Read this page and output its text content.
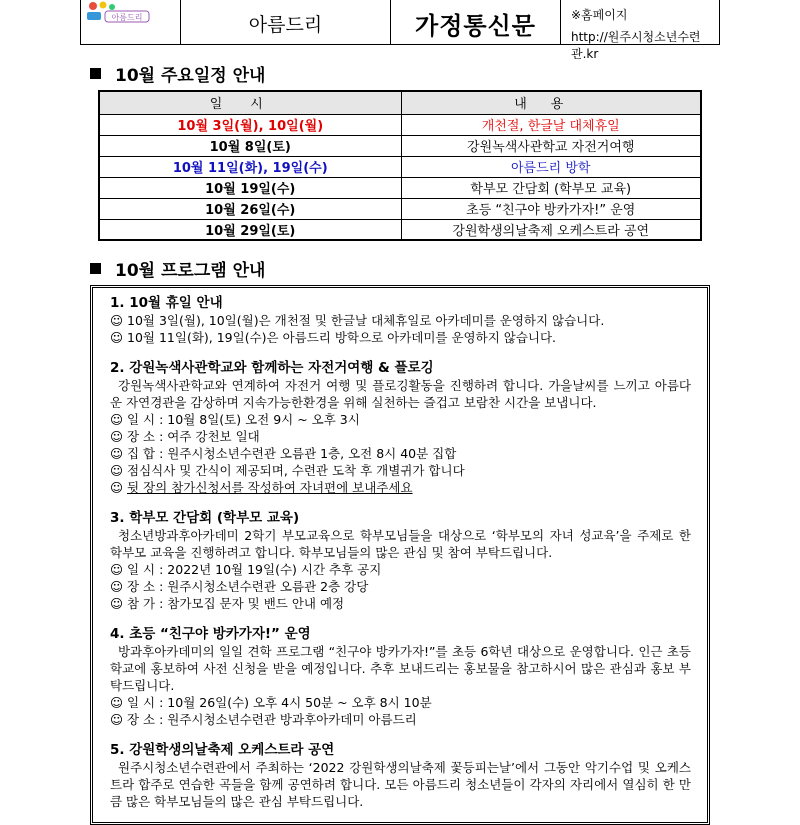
아름드리	아름드리	가정통신문	※홈페이지
http://원주시청소년수련관.kr
10월 주요일정 안내
일시	내용
10월 3일(월), 10일(월)	개천절, 한글날 대체휴일
10월 8일(토)	강원녹색사관학교 자전거여행
10월 11일(화), 19일(수)	아름드리 방학
10월 19일(수)	학부모 간담회 (학부모 교육)
10월 26일(수)	초등 “친구야 방카가자!” 운영
10월 29일(토)	강원학생의날축제 오케스트라 공연
10월 프로그램 안내
1. 10월 휴일 안내
☺ 10월 3일(월), 10일(월)은 개천절 및 한글날 대체휴일로 아카데미를 운영하지 않습니다.
☺ 10월 11일(화), 19일(수)은 아름드리 방학으로 아카데미를 운영하지 않습니다.
2. 강원녹색사관학교와 함께하는 자전거여행 & 플로깅
강원녹색사관학교와 연계하여 자전거 여행 및 플로깅활동을 진행하려 합니다. 가을날씨를 느끼고 아름다운 자연경관을 감상하며 지속가능한환경을 위해 실천하는 즐겁고 보람찬 시간을 보냅니다.
☺ 일 시 : 10월 8일(토) 오전 9시 ~ 오후 3시
☺ 장 소 : 여주 강천보 일대
☺ 집 합 : 원주시청소년수련관 오름관 1층, 오전 8시 40분 집합
☺ 점심식사 및 간식이 제공되며, 수련관 도착 후 개별귀가 합니다
☺ 뒷 장의 참가신청서를 작성하여 자녀편에 보내주세요
3. 학부모 간담회 (학부모 교육)
청소년방과후아카데미 2학기 부모교육으로 학부모님들을 대상으로 ‘학부모의 자녀 성교육’을 주제로 한 학부모 교육을 진행하려고 합니다. 학부모님들의 많은 관심 및 참여 부탁드립니다.
☺ 일 시 : 2022년 10월 19일(수) 시간 추후 공지
☺ 장 소 : 원주시청소년수련관 오름관 2층 강당
☺ 참 가 : 참가모집 문자 및 밴드 안내 예정
4. 초등 “친구야 방카가자!” 운영
방과후아카데미의 일일 견학 프로그램 “친구야 방카가자!”를 초등 6학년 대상으로 운영합니다. 인근 초등학교에 홍보하여 사전 신청을 받을 예정입니다. 추후 보내드리는 홍보물을 참고하시어 많은 관심과 홍보 부탁드립니다.
☺ 일 시 : 10월 26일(수) 오후 4시 50분 ~ 오후 8시 10분
☺ 장 소 : 원주시청소년수련관 방과후아카데미 아름드리
5. 강원학생의날축제 오케스트라 공연
원주시청소년수련관에서 주최하는 ‘2022 강원학생의날축제 꽃등피는날’에서 그동안 악기수업 및 오케스트라 합주로 연습한 곡들을 함께 공연하려 합니다. 모든 아름드리 청소년들이 각자의 자리에서 열심히 한 만큼 많은 학부모님들의 많은 관심 부탁드립니다.
